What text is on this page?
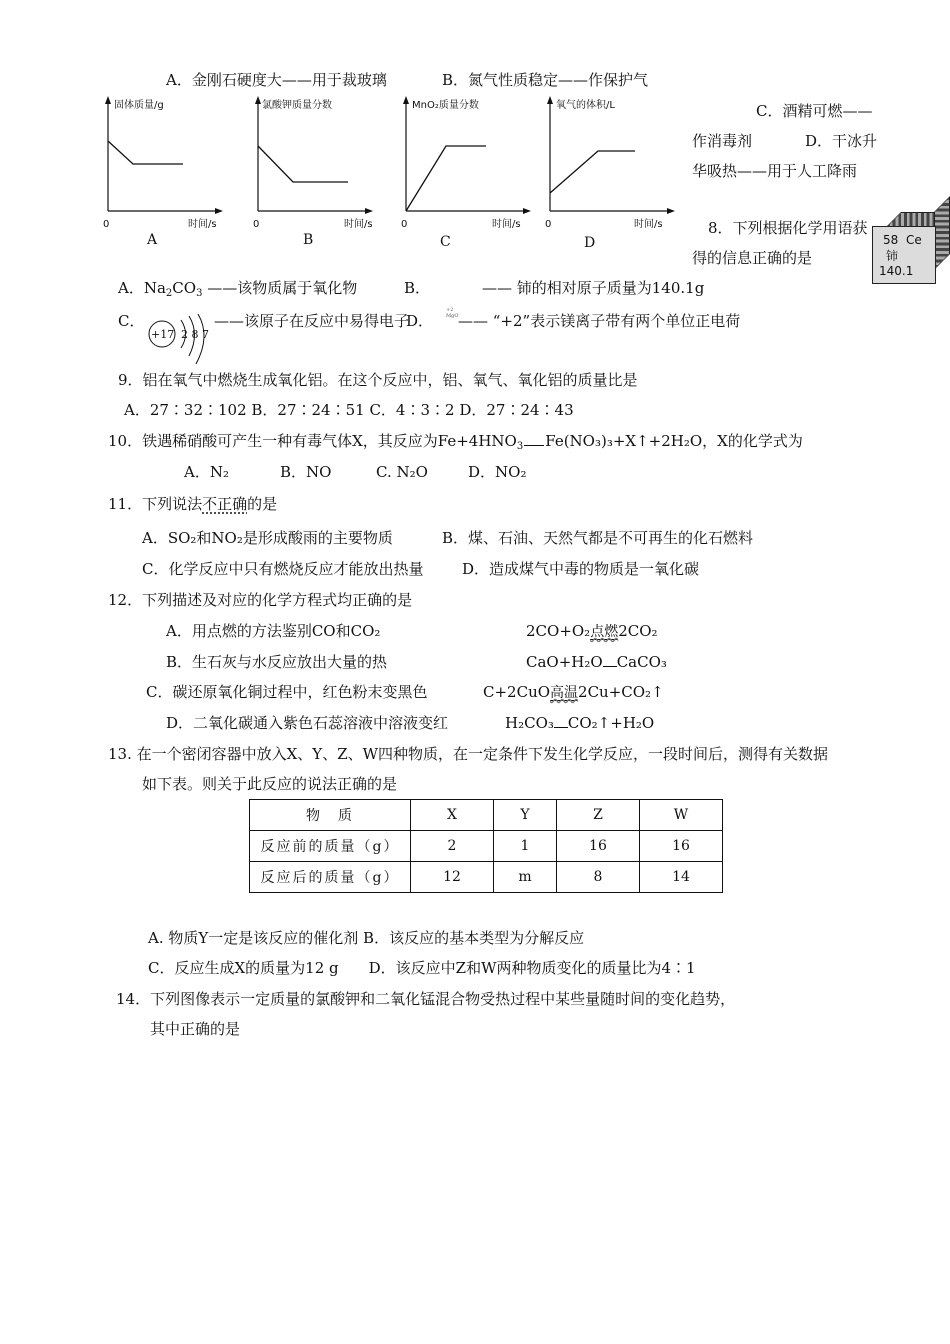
A．金刚石硬度大——用于裁玻璃	B．氮气性质稳定——作保护气
C．酒精可燃——
作消毒剂	D．干冰升
华吸热——用于人工降雨
固体质量/g
时间/s
0
A
氯酸钾质量分数
时间/s
0
B
MnO₂质量分数
时间/s
0
C
氧气的体积/L
时间/s
0
D
8．下列根据化学用语获
得的信息正确的是
58 Ce
铈
140.1
A．$Na_2CO_3$ ——该物质属于氧化物	B．	—— 铈的相对原子质量为140.1g
C．
+17 2 8 7
——该原子在反应中易得电子
D．
+2 MgO —— “+2”表示镁离子带有两个单位正电荷
9．铝在氧气中燃烧生成氧化铝。在这个反应中，铝、氧气、氧化铝的质量比是
A．27∶32∶102 B．27∶24∶51 C．4∶3∶2 D．27∶24∶43
10．铁遇稀硝酸可产生一种有毒气体X，其反应为$Fe+4HNO_3$ Fe(NO₃)₃+X↑+2H₂O，X的化学式为
A．N₂	B．NO	C. N₂O	D．NO₂
11．下列说法不正确的是
A．SO₂和NO₂是形成酸雨的主要物质	B．煤、石油、天然气都是不可再生的化石燃料
C．化学反应中只有燃烧反应才能放出热量	D．造成煤气中毒的物质是一氧化碳
12．下列描述及对应的化学方程式均正确的是
A．用点燃的方法鉴别CO和CO₂	2CO+O₂点燃2CO₂
B．生石灰与水反应放出大量的热	CaO+H₂O CaCO₃
C．碳还原氧化铜过程中，红色粉末变黑色	C+2CuO高温2Cu+CO₂↑
D．二氧化碳通入紫色石蕊溶液中溶液变红	H₂CO₃ CO₂↑+H₂O
13. 在一个密闭容器中放入X、Y、Z、W四种物质，在一定条件下发生化学反应，一段时间后，测得有关数据
如下表。则关于此反应的说法正确的是
物　质	X	Y	Z	W
反应前的质量（g）	2	1	16	16
反应后的质量（g）	12	m	8	14
A. 物质Y一定是该反应的催化剂 B．该反应的基本类型为分解反应
C．反应生成X的质量为12 g　　D．该反应中Z和W两种物质变化的质量比为4∶1
14．下列图像表示一定质量的氯酸钾和二氧化锰混合物受热过程中某些量随时间的变化趋势，
其中正确的是
